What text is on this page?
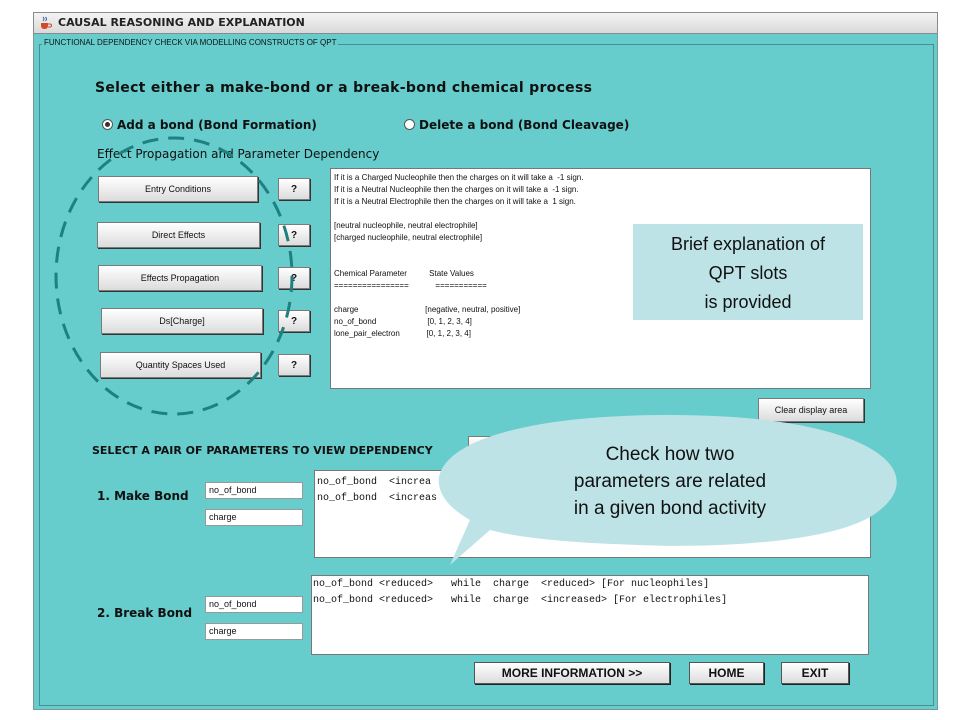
CAUSAL REASONING AND EXPLANATION
FUNCTIONAL DEPENDENCY CHECK VIA MODELLING CONSTRUCTS OF QPT
Select either a make-bond or a break-bond chemical process
Add a bond (Bond Formation)	Delete a bond (Bond Cleavage)
Effect Propagation and Parameter Dependency
Entry Conditions	?
Direct Effects	?
Effects Propagation	?
Ds[Charge]	?
Quantity Spaces Used	?
If it is a Charged Nucleophile then the charges on it will take a  -1 sign.
If it is a Neutral Nucleophile then the charges on it will take a  -1 sign.
If it is a Neutral Electrophile then the charges on it will take a  1 sign.

[neutral nucleophile, neutral electrophile]
[charged nucleophile, neutral electrophile]

Chemical Parameter          State Values
================            ===========

charge                              [negative, neutral, positive]
no_of_bond                       [0, 1, 2, 3, 4]
lone_pair_electron            [0, 1, 2, 3, 4]
Brief explanation of
QPT slots
is provided
Clear display area
SELECT A PAIR OF PARAMETERS TO VIEW DEPENDENCY
1. Make Bond	no_of_bond
charge
no_of_bond  <increa
no_of_bond  <increas
2. Break Bond
no_of_bond
charge
no_of_bond <reduced>   while  charge  <reduced> [For nucleophiles]
no_of_bond <reduced>   while  charge  <increased> [For electrophiles]
MORE INFORMATION >>	HOME	EXIT
Check how two
parameters are related
in a given bond activity
